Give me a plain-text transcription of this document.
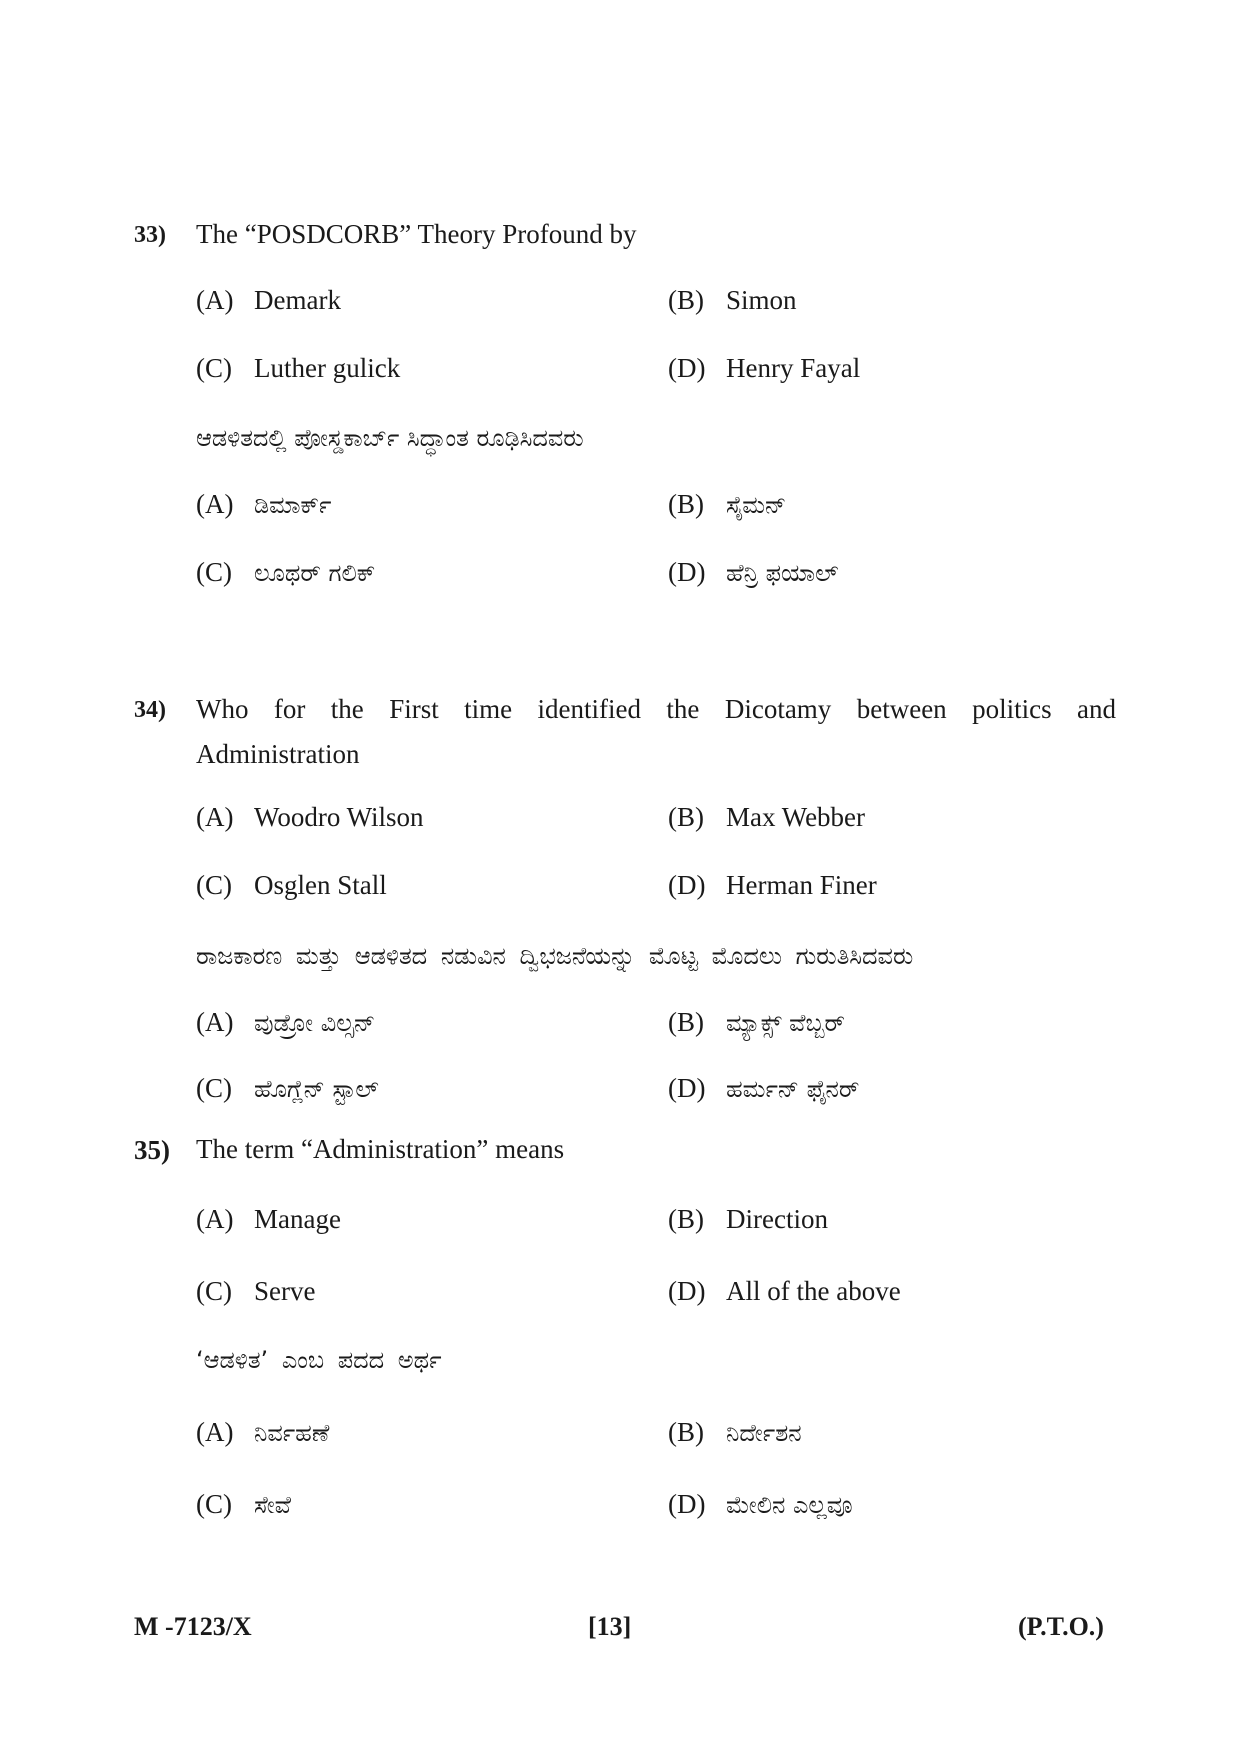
33) The “POSDCORB” Theory Profound by
(A) Demark	(B) Simon
(C) Luther gulick	(D) Henry Fayal
ಆಡಳಿತದಲ್ಲಿ ಪೋಸ್ಡಕಾರ್ಬ್ ಸಿದ್ಧಾಂತ ರೂಢಿಸಿದವರು
(A) ಡಿಮಾರ್ಕ್	(B) ಸೈಮನ್
(C) ಲೂಥರ್ ಗಲಿಕ್	(D) ಹೆನ್ರಿ ಫಯಾಲ್
34) Who for the First time identified the Dicotamy between politics and Administration
(A) Woodro Wilson	(B) Max Webber
(C) Osglen Stall	(D) Herman Finer
ರಾಜಕಾರಣ ಮತ್ತು ಆಡಳಿತದ ನಡುವಿನ ದ್ವಿಭಜನೆಯನ್ನು ಮೊಟ್ಟ ಮೊದಲು ಗುರುತಿಸಿದವರು
(A) ವುಡ್ರೋ ವಿಲ್ಸನ್	(B) ಮ್ಯಾಕ್ಸ್ ವೆಬ್ಬರ್
(C) ಹೊಗ್ಲೆನ್ ಸ್ಟಾಲ್	(D) ಹರ್ಮನ್ ಫೈನರ್
35) The term “Administration” means
(A) Manage	(B) Direction
(C) Serve	(D) All of the above
‘ಆಡಳಿತ’ ಎಂಬ ಪದದ ಅರ್ಥ
(A) ನಿರ್ವಹಣೆ	(B) ನಿರ್ದೇಶನ
(C) ಸೇವೆ	(D) ಮೇಲಿನ ಎಲ್ಲವೂ
M -7123/X	[13]	(P.T.O.)
